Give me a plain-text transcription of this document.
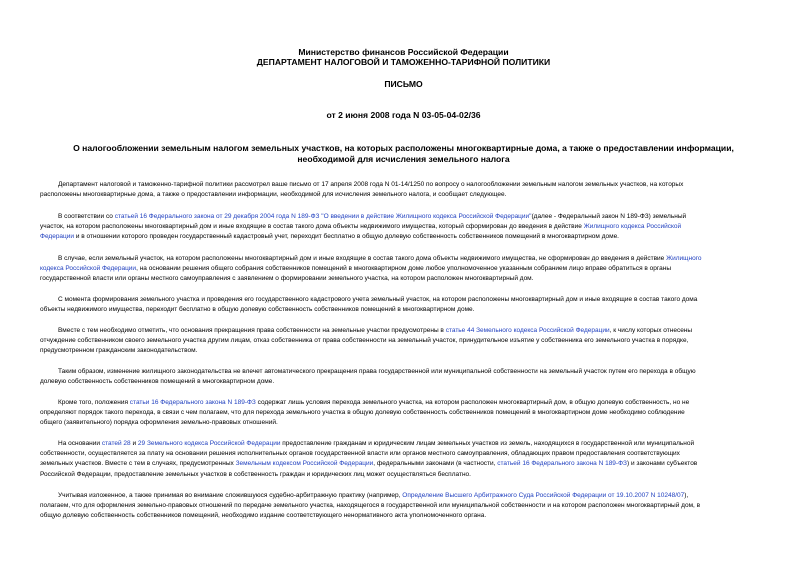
Министерство финансов Российской Федерации
ДЕПАРТАМЕНТ НАЛОГОВОЙ И ТАМОЖЕННО-ТАРИФНОЙ ПОЛИТИКИ
ПИСЬМО
от 2 июня 2008 года N 03-05-04-02/36
О налогообложении земельным налогом земельных участков, на которых расположены многоквартирные дома, а также о предоставлении информации,
необходимой для исчисления земельного налога
Департамент налоговой и таможенно-тарифной политики рассмотрел ваше письмо от 17 апреля 2008 года N 01-14/1250 по вопросу о налогообложении земельным налогом земельных участков, на которых
расположены многоквартирные дома, а также о предоставлении информации, необходимой для исчисления земельного налога, и сообщает следующее.
В соответствии со статьей 16 Федерального закона от 29 декабря 2004 года N 189-ФЗ "О введении в действие Жилищного кодекса Российской Федерации"(далее - Федеральный закон N 189-ФЗ) земельный
участок, на котором расположены многоквартирный дом и иные входящие в состав такого дома объекты недвижимого имущества, который сформирован до введения в действие Жилищного кодекса Российской
Федерации и в отношении которого проведен государственный кадастровый учет, переходит бесплатно в общую долевую собственность собственников помещений в многоквартирном доме.
В случае, если земельный участок, на котором расположены многоквартирный дом и иные входящие в состав такого дома объекты недвижимого имущества, не сформирован до введения в действие Жилищного
кодекса Российской Федерации, на основании решения общего собрания собственников помещений в многоквартирном доме любое уполномоченное указанным собранием лицо вправе обратиться в органы
государственной власти или органы местного самоуправления с заявлением о формировании земельного участка, на котором расположен многоквартирный дом.
С момента формирования земельного участка и проведения его государственного кадастрового учета земельный участок, на котором расположены многоквартирный дом и иные входящие в состав такого дома
объекты недвижимого имущества, переходит бесплатно в общую долевую собственность собственников помещений в многоквартирном доме.
Вместе с тем необходимо отметить, что основания прекращения права собственности на земельные участки предусмотрены в статье 44 Земельного кодекса Российской Федерации, к числу которых отнесены
отчуждение собственником своего земельного участка другим лицам, отказ собственника от права собственности на земельный участок, принудительное изъятие у собственника его земельного участка в порядке,
предусмотренном гражданским законодательством.
Таким образом, изменение жилищного законодательства не влечет автоматического прекращения права государственной или муниципальной собственности на земельный участок путем его перехода в общую
долевую собственность собственников помещений в многоквартирном доме.
Кроме того, положения статьи 16 Федерального закона N 189-ФЗ содержат лишь условия перехода земельного участка, на котором расположен многоквартирный дом, в общую долевую собственность, но не
определяют порядок такого перехода, в связи с чем полагаем, что для перехода земельного участка в общую долевую собственность собственников помещений в многоквартирном доме необходимо соблюдение
общего (заявительного) порядка оформления земельно-правовых отношений.
На основании статей 28 и 29 Земельного кодекса Российской Федерации предоставление гражданам и юридическим лицам земельных участков из земель, находящихся в государственной или муниципальной
собственности, осуществляется за плату на основании решения исполнительных органов государственной власти или органов местного самоуправления, обладающих правом предоставления соответствующих
земельных участков. Вместе с тем в случаях, предусмотренных Земельным кодексом Российской Федерации, федеральными законами (в частности, статьей 16 Федерального закона N 189-ФЗ) и законами субъектов
Российской Федерации, предоставление земельных участков в собственность граждан и юридических лиц может осуществляться бесплатно.
Учитывая изложенное, а также принимая во внимание сложившуюся судебно-арбитражную практику (например, Определение Высшего Арбитражного Суда Российской Федерации от 19.10.2007 N 10248/07),
полагаем, что для оформления земельно-правовых отношений по передаче земельного участка, находящегося в государственной или муниципальной собственности и на котором расположен многоквартирный дом, в
общую долевую собственность собственников помещений, необходимо издание соответствующего ненормативного акта уполномоченного органа.
